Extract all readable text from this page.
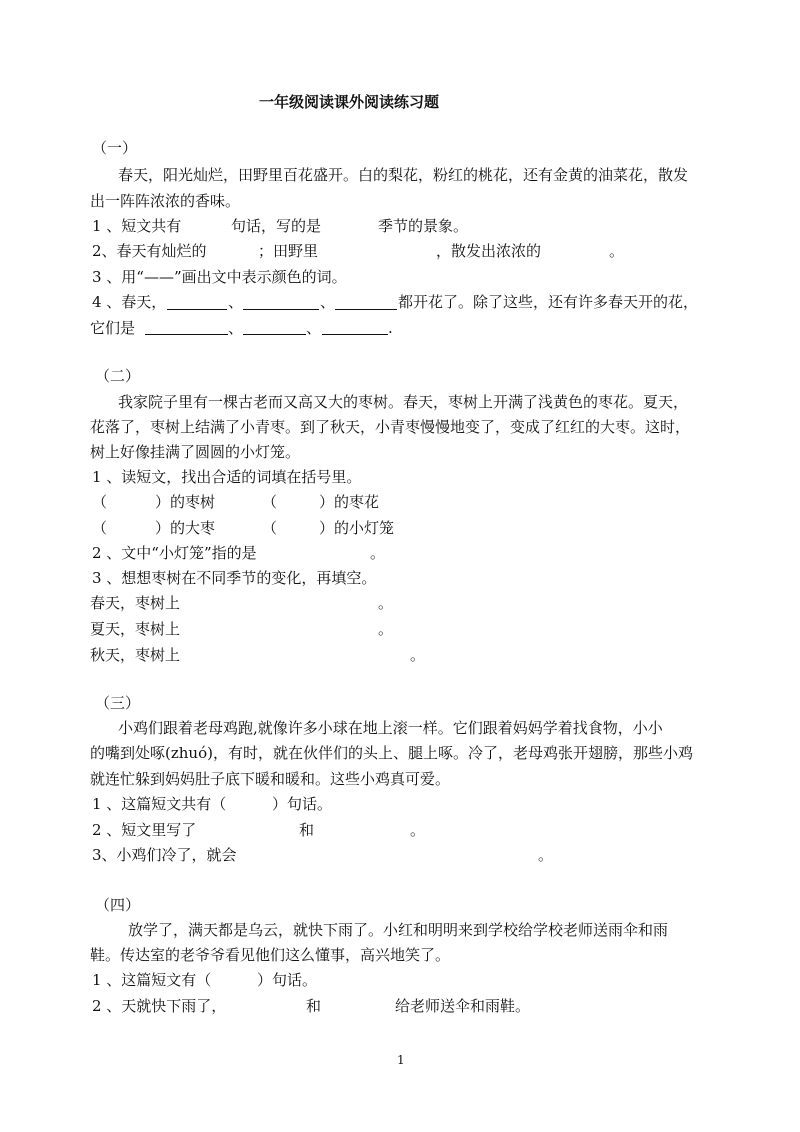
一年级阅读课外阅读练习题
（一）
春天，阳光灿烂，田野里百花盛开。白的梨花，粉红的桃花，还有金黄的油菜花，散发
出一阵阵浓浓的香味。
1 、短文共有	句话，写的是	季节的景象。
2、春天有灿烂的	；田野里	，散发出浓浓的	。
3 、用“——”画出文中表示颜色的词。
4 、春天，	、	、	都开花了。除了这些，还有许多春天开的花，
它们是	、	、	.
（二）
我家院子里有一棵古老而又高又大的枣树。春天，枣树上开满了浅黄色的枣花。夏天，
花落了，枣树上结满了小青枣。到了秋天，小青枣慢慢地变了，变成了红红的大枣。这时，
树上好像挂满了圆圆的小灯笼。
1 、读短文，找出合适的词填在括号里。
（	）的枣树	（	）的枣花
（	）的大枣	（	）的小灯笼
2 、文中“小灯笼”指的是	。
3 、想想枣树在不同季节的变化，再填空。
春天，枣树上	。
夏天，枣树上	。
秋天，枣树上	。
（三）
小鸡们跟着老母鸡跑,就像许多小球在地上滚一样。它们跟着妈妈学着找食物，小小
的嘴到处啄(zhuó)，有时，就在伙伴们的头上、腿上啄。冷了，老母鸡张开翅膀，那些小鸡
就连忙躲到妈妈肚子底下暖和暖和。这些小鸡真可爱。
1 、这篇短文共有（	）句话。
2 、短文里写了	和	。
3、小鸡们冷了，就会	。
（四）
放学了，满天都是乌云，就快下雨了。小红和明明来到学校给学校老师送雨伞和雨
鞋。传达室的老爷爷看见他们这么懂事，高兴地笑了。
1 、这篇短文有（	）句话。
2 、天就快下雨了，	和	给老师送伞和雨鞋。
1
